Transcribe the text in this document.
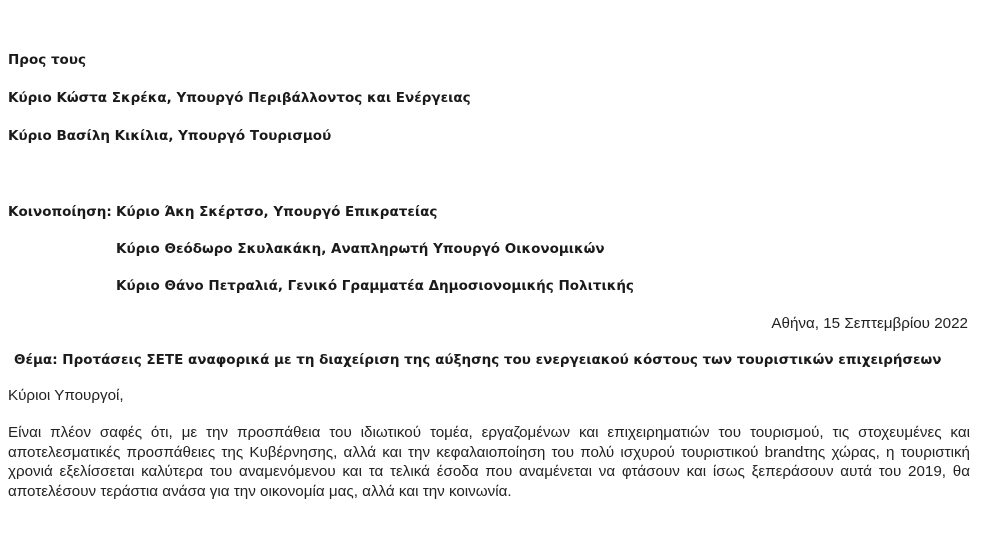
Προς τους
Κύριο Κώστα Σκρέκα, Υπουργό Περιβάλλοντος και Ενέργειας
Κύριο Βασίλη Κικίλια, Υπουργό Τουρισμού
Κοινοποίηση: Κύριο Άκη Σκέρτσο, Υπουργό Επικρατείας
Κύριο Θεόδωρο Σκυλακάκη, Αναπληρωτή Υπουργό Οικονομικών
Κύριο Θάνο Πετραλιά, Γενικό Γραμματέα Δημοσιονομικής Πολιτικής
Αθήνα, 15 Σεπτεμβρίου 2022
Θέμα: Προτάσεις ΣΕΤΕ αναφορικά με τη διαχείριση της αύξησης του ενεργειακού κόστους των τουριστικών επιχειρήσεων
Κύριοι Υπουργοί,
Είναι πλέον σαφές ότι, με την προσπάθεια του ιδιωτικού τομέα, εργαζομένων και επιχειρηματιών του τουρισμού, τις στοχευμένες και αποτελεσματικές προσπάθειες της Κυβέρνησης, αλλά και την κεφαλαιοποίηση του πολύ ισχυρού τουριστικού brandτης χώρας, η τουριστική χρονιά εξελίσσεται καλύτερα του αναμενόμενου και τα τελικά έσοδα που αναμένεται να φτάσουν και ίσως ξεπεράσουν αυτά του 2019, θα αποτελέσουν τεράστια ανάσα για την οικονομία μας, αλλά και την κοινωνία.
